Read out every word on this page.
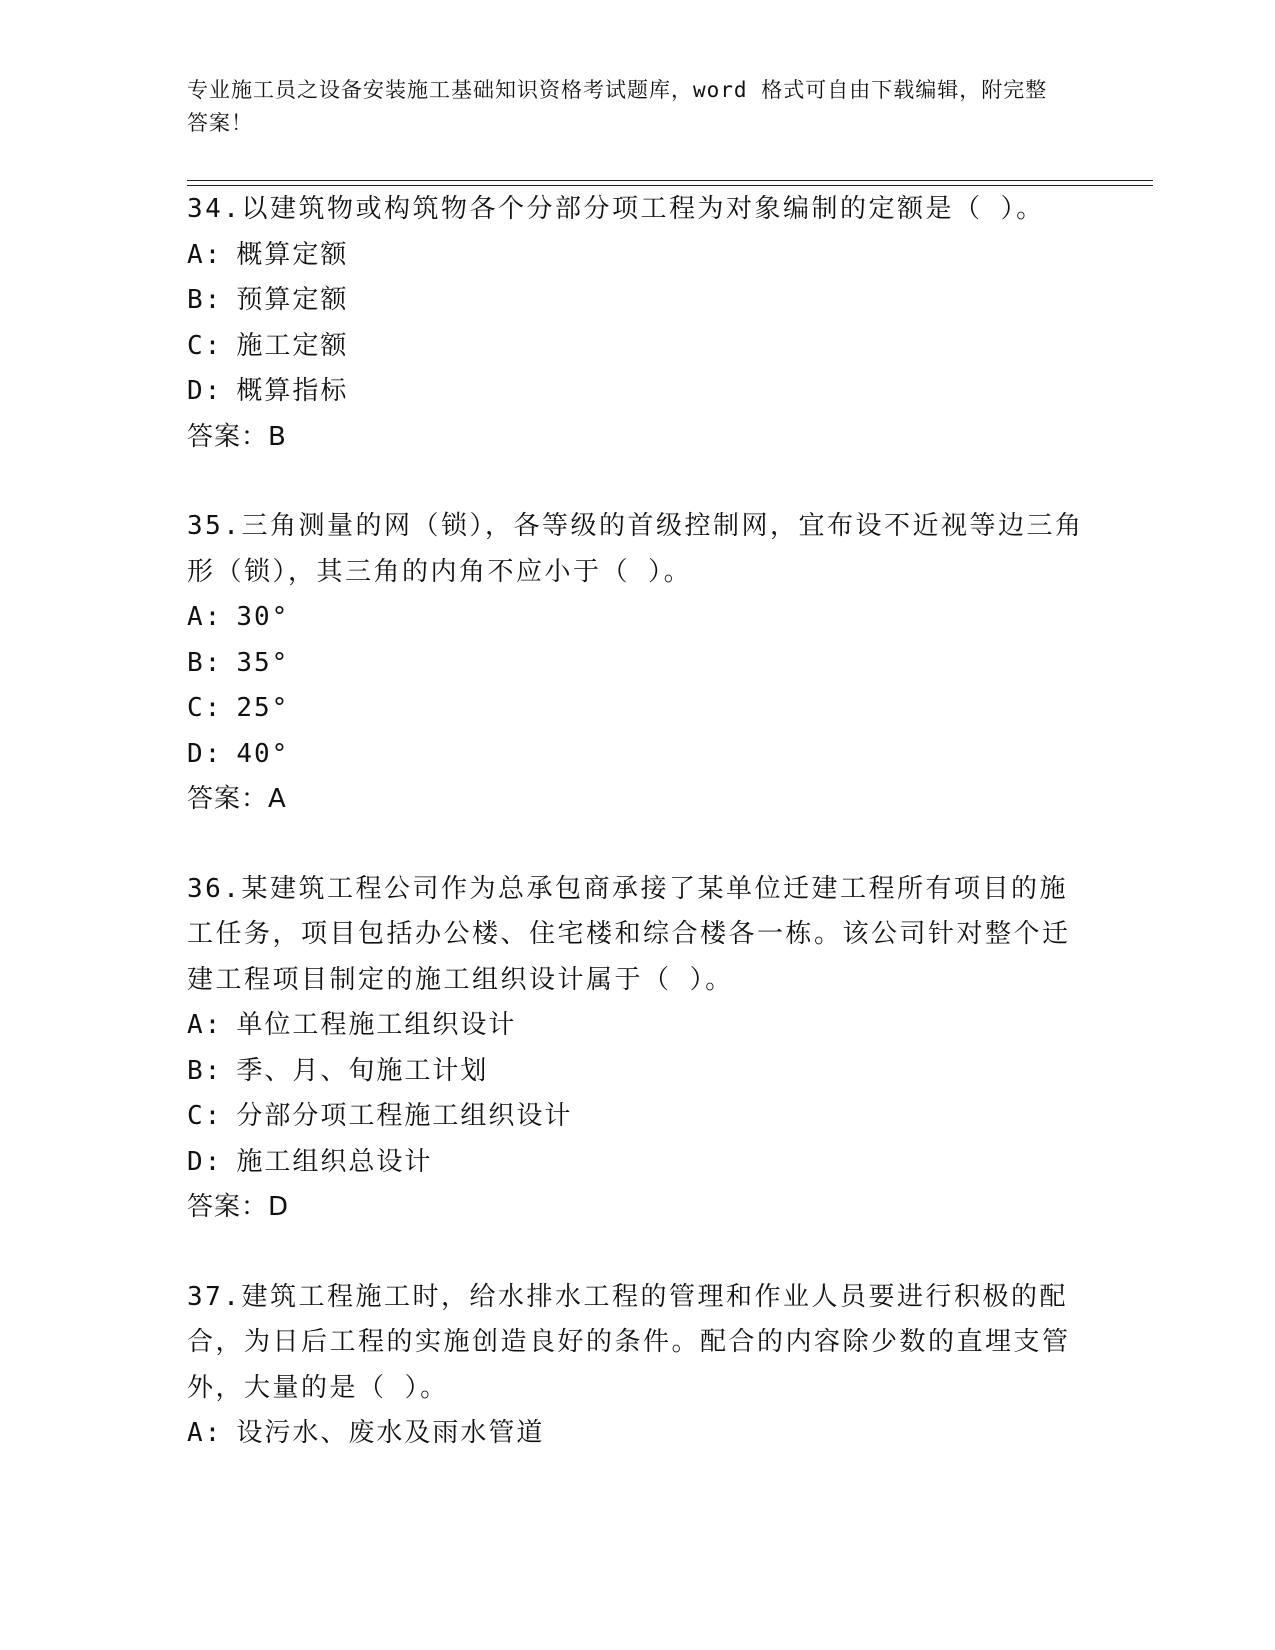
专业施工员之设备安装施工基础知识资格考试题库，word 格式可自由下载编辑，附完整答案！
34.以建筑物或构筑物各个分部分项工程为对象编制的定额是（ ）。
A: 概算定额
B: 预算定额
C: 施工定额
D: 概算指标
答案：B
35.三角测量的网（锁），各等级的首级控制网，宜布设不近视等边三角形（锁），其三角的内角不应小于（ ）。
A: 30°
B: 35°
C: 25°
D: 40°
答案：A
36.某建筑工程公司作为总承包商承接了某单位迁建工程所有项目的施工任务，项目包括办公楼、住宅楼和综合楼各一栋。该公司针对整个迁建工程项目制定的施工组织设计属于（ ）。
A: 单位工程施工组织设计
B: 季、月、旬施工计划
C: 分部分项工程施工组织设计
D: 施工组织总设计
答案：D
37.建筑工程施工时，给水排水工程的管理和作业人员要进行积极的配合，为日后工程的实施创造良好的条件。配合的内容除少数的直埋支管外，大量的是（ ）。
A: 设污水、废水及雨水管道
